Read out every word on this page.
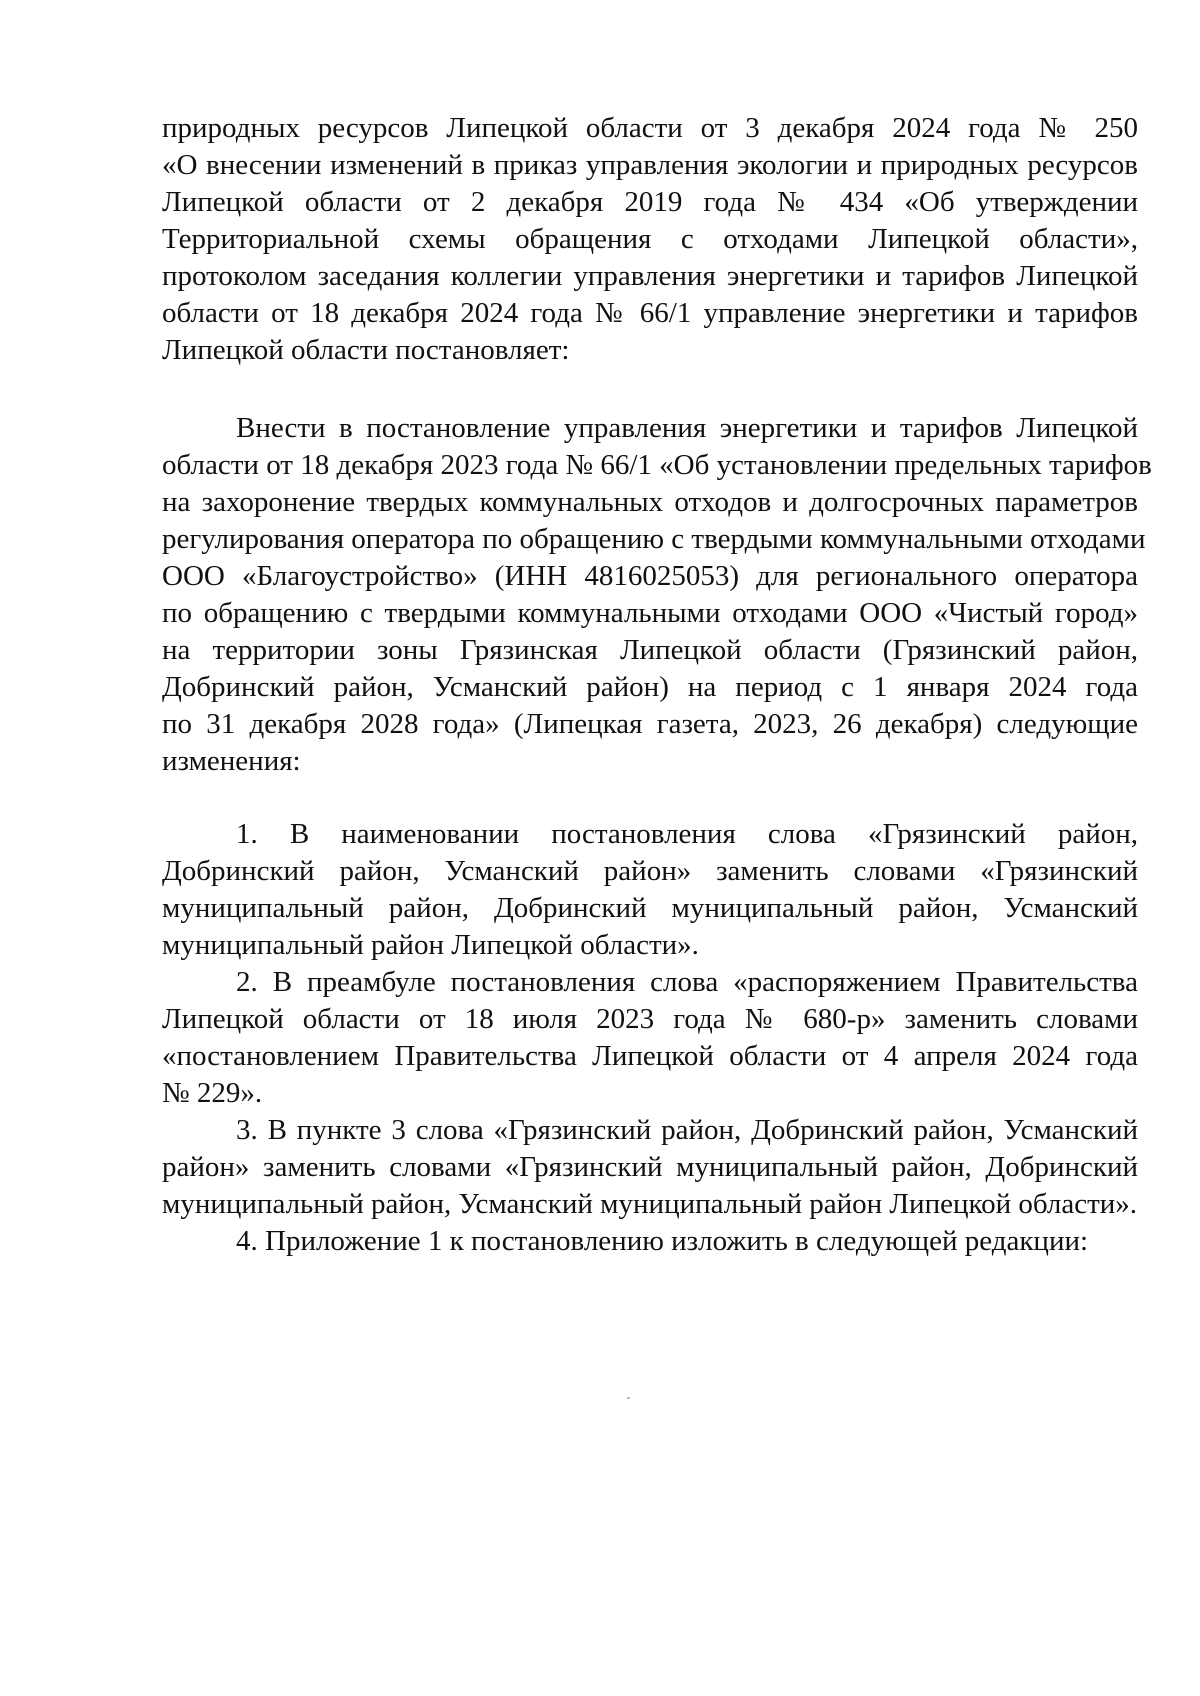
природных ресурсов Липецкой области от 3 декабря 2024 года № 250
«О внесении изменений в приказ управления экологии и природных ресурсов
Липецкой области от 2 декабря 2019 года № 434 «Об утверждении
Территориальной схемы обращения с отходами Липецкой области»,
протоколом заседания коллегии управления энергетики и тарифов Липецкой
области от 18 декабря 2024 года № 66/1 управление энергетики и тарифов
Липецкой области постановляет:
Внести в постановление управления энергетики и тарифов Липецкой
области от 18 декабря 2023 года № 66/1 «Об установлении предельных тарифов
на захоронение твердых коммунальных отходов и долгосрочных параметров
регулирования оператора по обращению с твердыми коммунальными отходами
ООО «Благоустройство» (ИНН 4816025053) для регионального оператора
по обращению с твердыми коммунальными отходами ООО «Чистый город»
на территории зоны Грязинская Липецкой области (Грязинский район,
Добринский район, Усманский район) на период с 1 января 2024 года
по 31 декабря 2028 года» (Липецкая газета, 2023, 26 декабря) следующие
изменения:
1. В наименовании постановления слова «Грязинский район,
Добринский район, Усманский район» заменить словами «Грязинский
муниципальный район, Добринский муниципальный район, Усманский
муниципальный район Липецкой области».
2. В преамбуле постановления слова «распоряжением Правительства
Липецкой области от 18 июля 2023 года № 680-р» заменить словами
«постановлением Правительства Липецкой области от 4 апреля 2024 года
№ 229».
3. В пункте 3 слова «Грязинский район, Добринский район, Усманский
район» заменить словами «Грязинский муниципальный район, Добринский
муниципальный район, Усманский муниципальный район Липецкой области».
4. Приложение 1 к постановлению изложить в следующей редакции:
